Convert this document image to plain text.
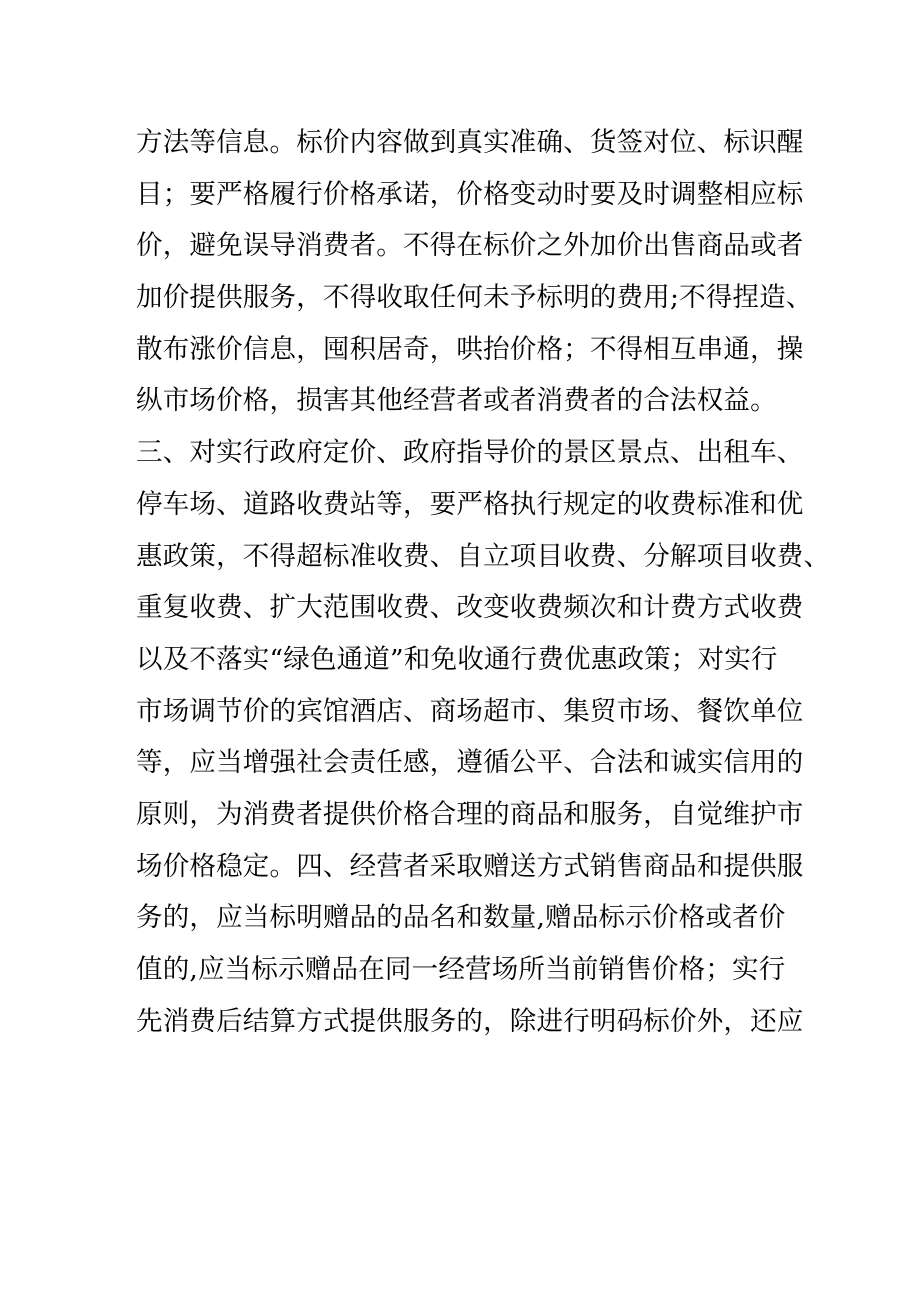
方法等信息。标价内容做到真实准确、货签对位、标识醒
目；要严格履行价格承诺，价格变动时要及时调整相应标
价，避免误导消费者。不得在标价之外加价出售商品或者
加价提供服务，不得收取任何未予标明的费用;不得捏造、
散布涨价信息，囤积居奇，哄抬价格；不得相互串通，操
纵市场价格，损害其他经营者或者消费者的合法权益。
三、对实行政府定价、政府指导价的景区景点、出租车、
停车场、道路收费站等，要严格执行规定的收费标准和优
惠政策，不得超标准收费、自立项目收费、分解项目收费、
重复收费、扩大范围收费、改变收费频次和计费方式收费
以及不落实“绿色通道”和免收通行费优惠政策；对实行
市场调节价的宾馆酒店、商场超市、集贸市场、餐饮单位
等，应当增强社会责任感，遵循公平、合法和诚实信用的
原则，为消费者提供价格合理的商品和服务，自觉维护市
场价格稳定。四、经营者采取赠送方式销售商品和提供服
务的，应当标明赠品的品名和数量,赠品标示价格或者价
值的,应当标示赠品在同一经营场所当前销售价格；实行
先消费后结算方式提供服务的，除进行明码标价外，还应
